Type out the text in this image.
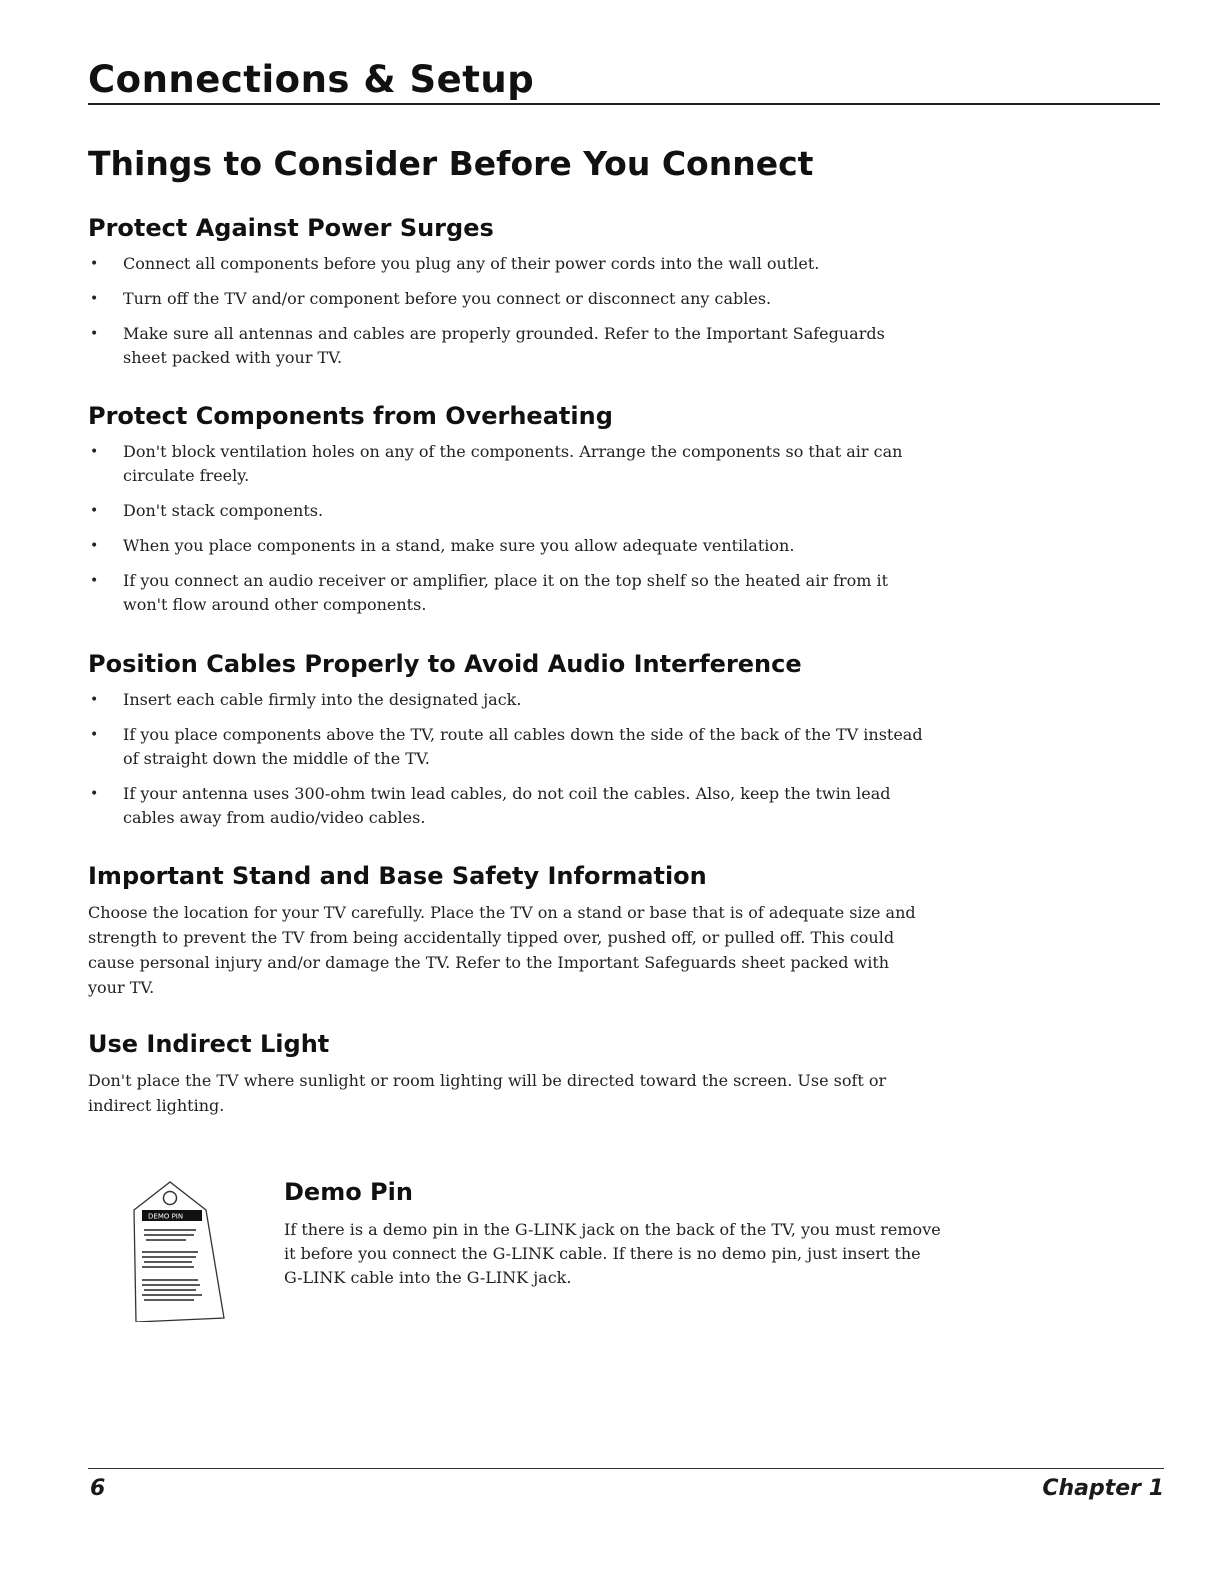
Connections & Setup
Things to Consider Before You Connect
Protect Against Power Surges
• Connect all components before you plug any of their power cords into the wall outlet.
• Turn off the TV and/or component before you connect or disconnect any cables.
• Make sure all antennas and cables are properly grounded. Refer to the Important Safeguards sheet packed with your TV.
Protect Components from Overheating
• Don't block ventilation holes on any of the components. Arrange the components so that air can circulate freely.
• Don't stack components.
• When you place components in a stand, make sure you allow adequate ventilation.
• If you connect an audio receiver or amplifier, place it on the top shelf so the heated air from it won't flow around other components.
Position Cables Properly to Avoid Audio Interference
• Insert each cable firmly into the designated jack.
• If you place components above the TV, route all cables down the side of the back of the TV instead of straight down the middle of the TV.
• If your antenna uses 300-ohm twin lead cables, do not coil the cables. Also, keep the twin lead cables away from audio/video cables.
Important Stand and Base Safety Information

Choose the location for your TV carefully. Place the TV on a stand or base that is of adequate size and strength to prevent the TV from being accidentally tipped over, pushed off, or pulled off. This could cause personal injury and/or damage the TV. Refer to the Important Safeguards sheet packed with your TV.

Use Indirect Light

Don't place the TV where sunlight or room lighting will be directed toward the screen. Use soft or indirect lighting.

DEMO PIN
Demo Pin

If there is a demo pin in the G-LINK jack on the back of the TV, you must remove it before you connect the G-LINK cable. If there is no demo pin, just insert the G-LINK cable into the G-LINK jack.

6	Chapter 1
